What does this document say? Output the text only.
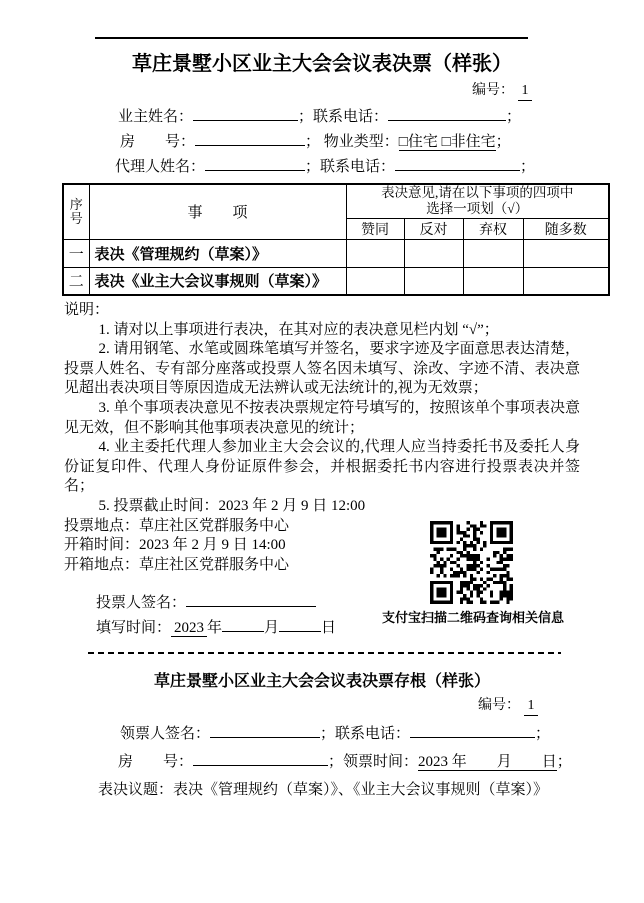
草庄景墅小区业主大会会议表决票（样张）
编号： 1
业主姓名：	；联系电话：	；
房　　号：	； 物业类型：□住宅 □非住宅；
代理人姓名：	；联系电话：	；
序号	事　　项	表决意见,请在以下事项的四项中
选择一项划（√）			

		赞同	反对	弃权	随多数
一	表决《管理规约（草案）》				
二	表决《业主大会议事规则（草案）》				

说明：

1. 请对以上事项进行表决，在其对应的表决意见栏内划 “√”；

2. 请用钢笔、水笔或圆珠笔填写并签名，要求字迹及字面意思表达清楚，投票人姓名、专有部分座落或投票人签名因未填写、涂改、字迹不清、表决意见超出表决项目等原因造成无法辨认或无法统计的,视为无效票；

3. 单个事项表决意见不按表决票规定符号填写的，按照该单个事项表决意见无效，但不影响其他事项表决意见的统计；

4. 业主委托代理人参加业主大会会议的,代理人应当持委托书及委托人身份证复印件、代理人身份证原件参会，并根据委托书内容进行投票表决并签名；

5. 投票截止时间：2023 年 2 月 9 日 12:00

投票地点：草庄社区党群服务中心

开箱时间：2023 年 2 月 9 日 14:00

开箱地点：草庄社区党群服务中心

投票人签名：
填写时间： 2023 年	月	日
支付宝扫描二维码查询相关信息
草庄景墅小区业主大会会议表决票存根（样张）
编号： 1
领票人签名：	；联系电话：	；
房　　号：	；领票时间：2023 年　　月　　日；
表决议题：表决《管理规约（草案）》、《业主大会议事规则（草案）》
